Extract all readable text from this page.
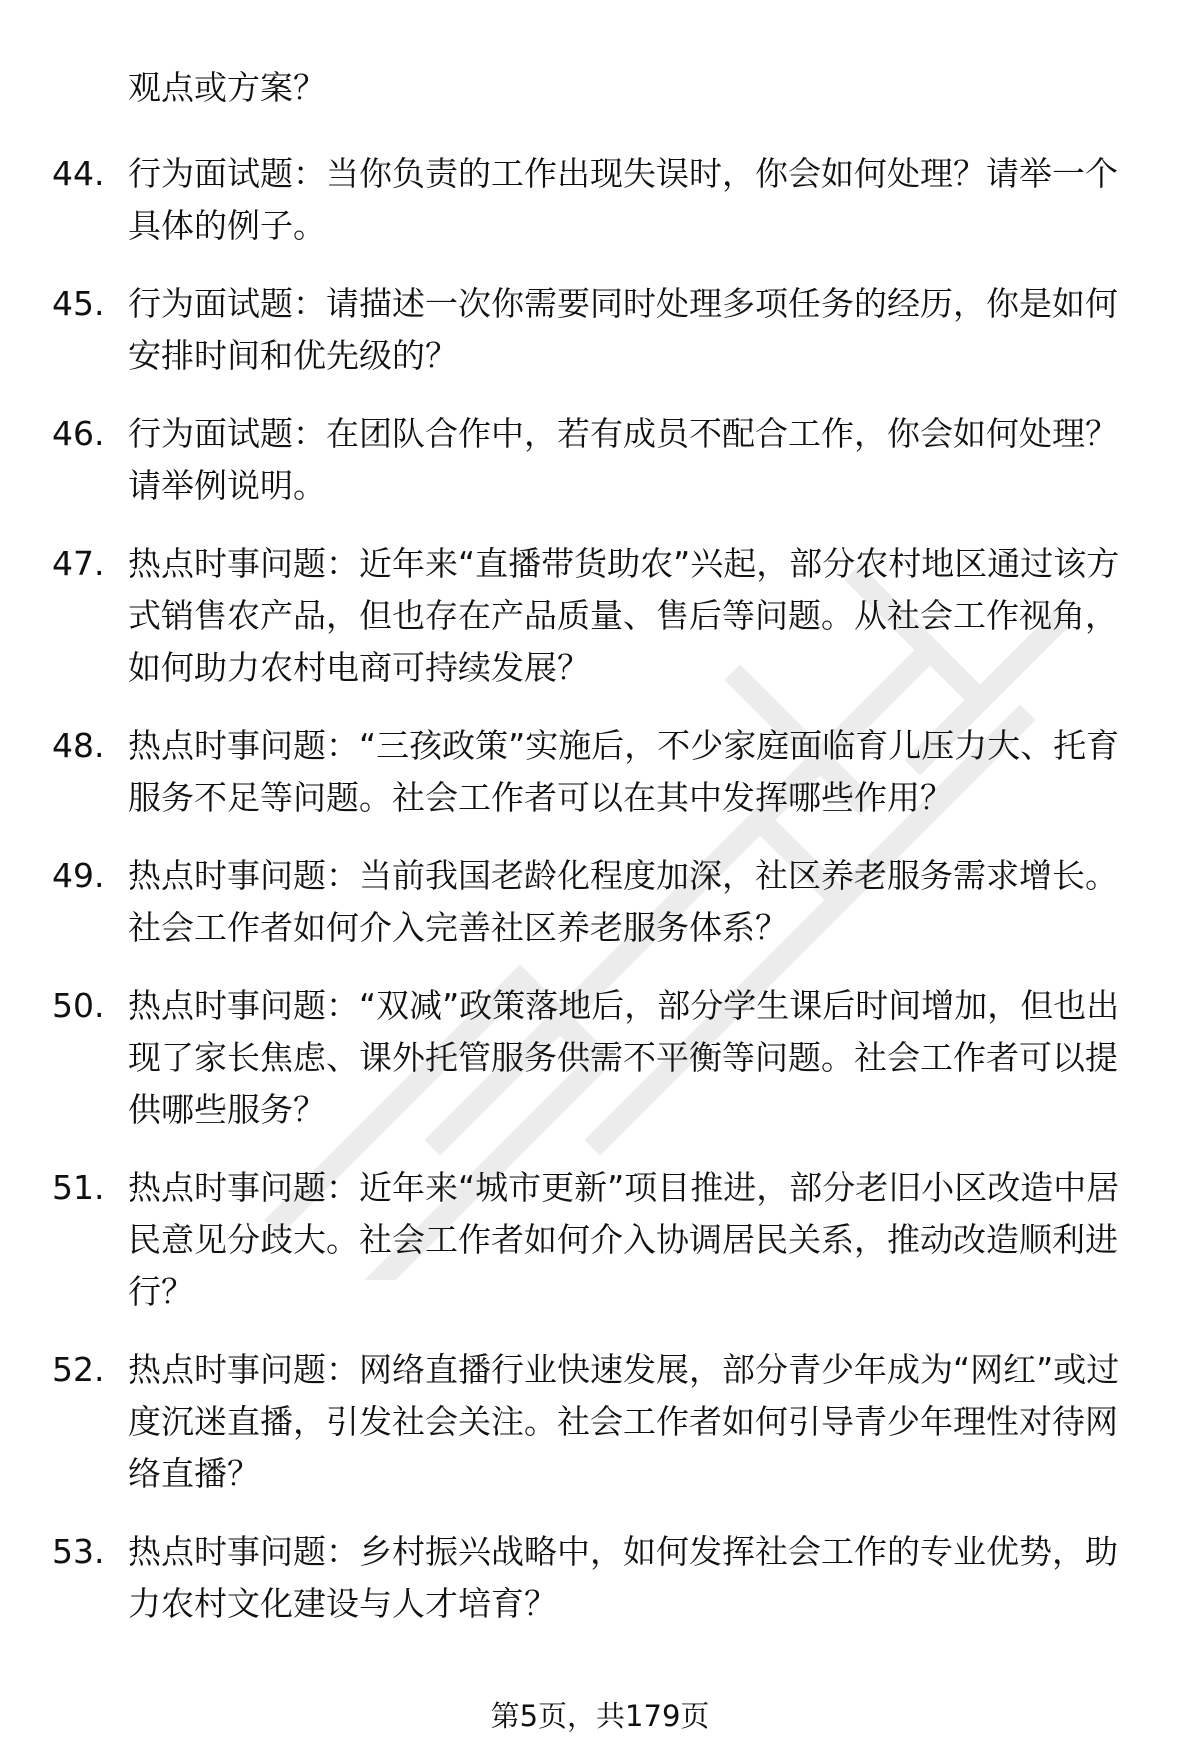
观点或方案？

44. 行为面试题：当你负责的工作出现失误时，你会如何处理？请举一个具体的例子。
45. 行为面试题：请描述一次你需要同时处理多项任务的经历，你是如何安排时间和优先级的？
46. 行为面试题：在团队合作中，若有成员不配合工作，你会如何处理？请举例说明。
47. 热点时事问题：近年来“直播带货助农”兴起，部分农村地区通过该方式销售农产品，但也存在产品质量、售后等问题。从社会工作视角，如何助力农村电商可持续发展？
48. 热点时事问题：“三孩政策”实施后，不少家庭面临育儿压力大、托育服务不足等问题。社会工作者可以在其中发挥哪些作用？
49. 热点时事问题：当前我国老龄化程度加深，社区养老服务需求增长。社会工作者如何介入完善社区养老服务体系？
50. 热点时事问题：“双减”政策落地后，部分学生课后时间增加，但也出现了家长焦虑、课外托管服务供需不平衡等问题。社会工作者可以提供哪些服务？
51. 热点时事问题：近年来“城市更新”项目推进，部分老旧小区改造中居民意见分歧大。社会工作者如何介入协调居民关系，推动改造顺利进行？
52. 热点时事问题：网络直播行业快速发展，部分青少年成为“网红”或过度沉迷直播，引发社会关注。社会工作者如何引导青少年理性对待网络直播？
53. 热点时事问题：乡村振兴战略中，如何发挥社会工作的专业优势，助力农村文化建设与人才培育？
第5页，共179页
